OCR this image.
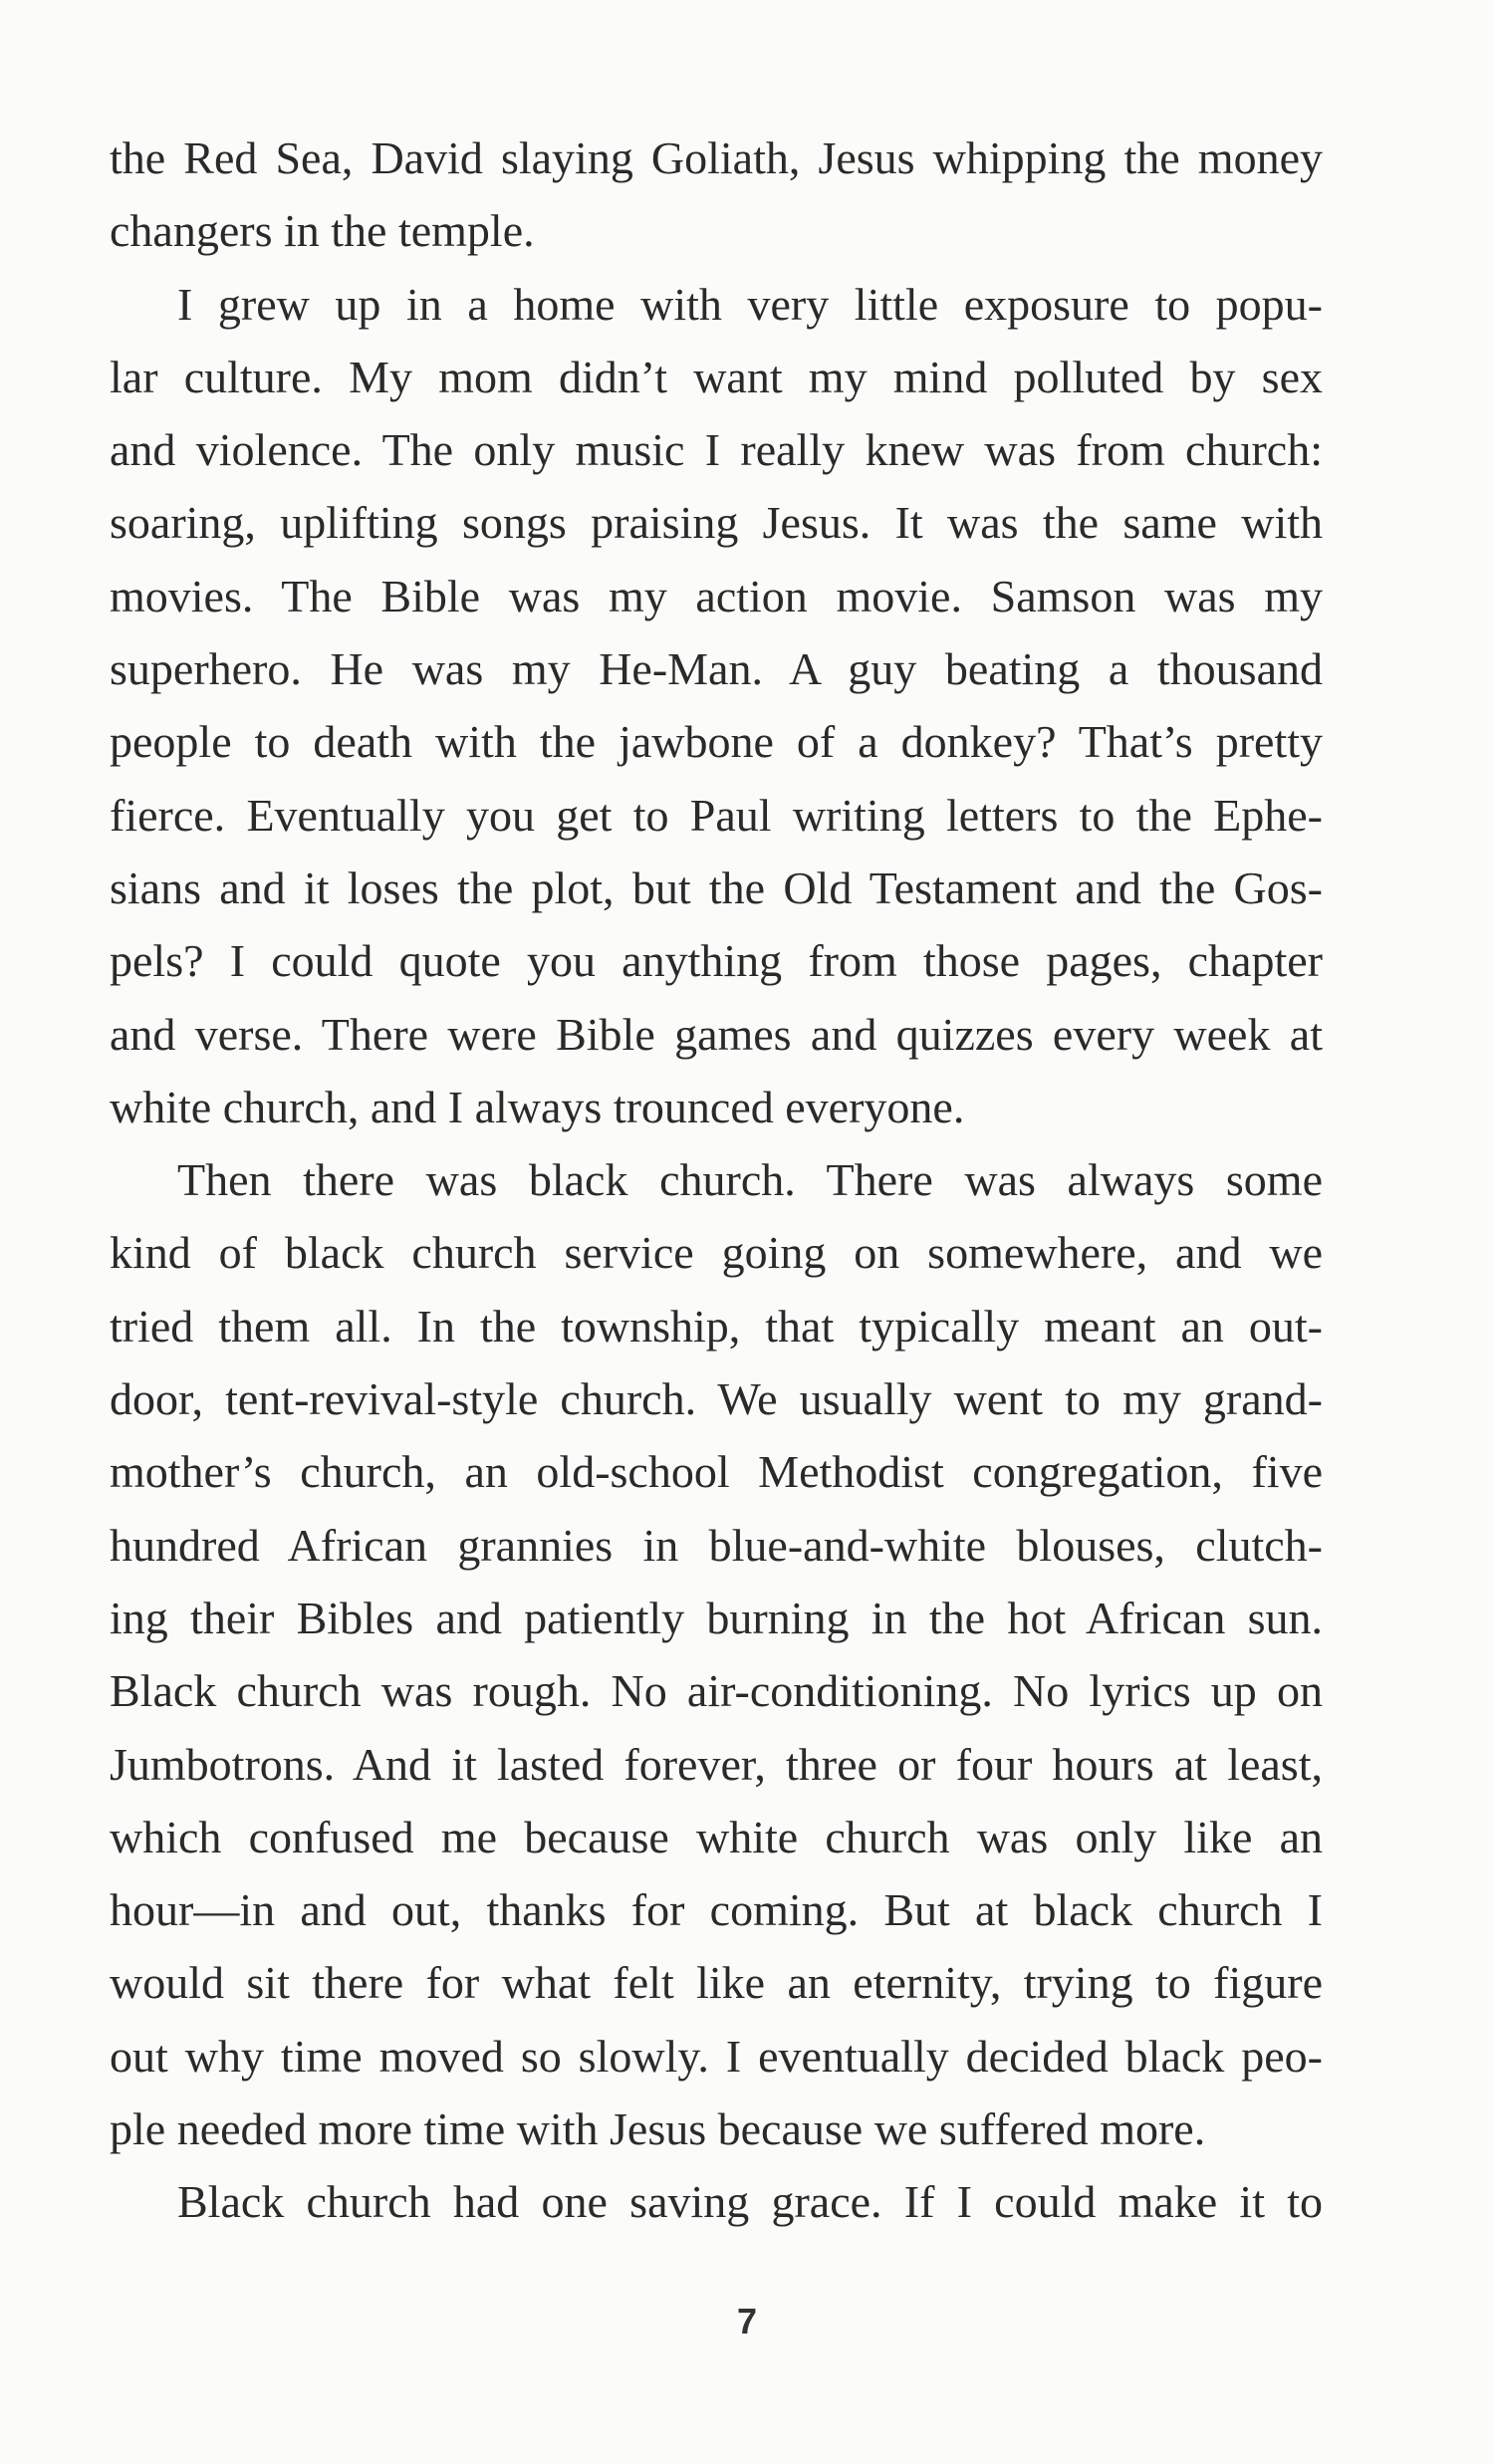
the Red Sea, David slaying Goliath, Jesus whipping the money
changers in the temple.
I grew up in a home with very little exposure to popu-
lar culture. My mom didn’t want my mind polluted by sex
and violence. The only music I really knew was from church:
soaring, uplifting songs praising Jesus. It was the same with
movies. The Bible was my action movie. Samson was my
superhero. He was my He-Man. A guy beating a thousand
people to death with the jawbone of a donkey? That’s pretty
fierce. Eventually you get to Paul writing letters to the Ephe-
sians and it loses the plot, but the Old Testament and the Gos-
pels? I could quote you anything from those pages, chapter
and verse. There were Bible games and quizzes every week at
white church, and I always trounced everyone.
Then there was black church. There was always some
kind of black church service going on somewhere, and we
tried them all. In the township, that typically meant an out-
door, tent-revival-style church. We usually went to my grand-
mother’s church, an old-school Methodist congregation, five
hundred African grannies in blue-and-white blouses, clutch-
ing their Bibles and patiently burning in the hot African sun.
Black church was rough. No air-conditioning. No lyrics up on
Jumbotrons. And it lasted forever, three or four hours at least,
which confused me because white church was only like an
hour—in and out, thanks for coming. But at black church I
would sit there for what felt like an eternity, trying to figure
out why time moved so slowly. I eventually decided black peo-
ple needed more time with Jesus because we suffered more.
Black church had one saving grace. If I could make it to
7
